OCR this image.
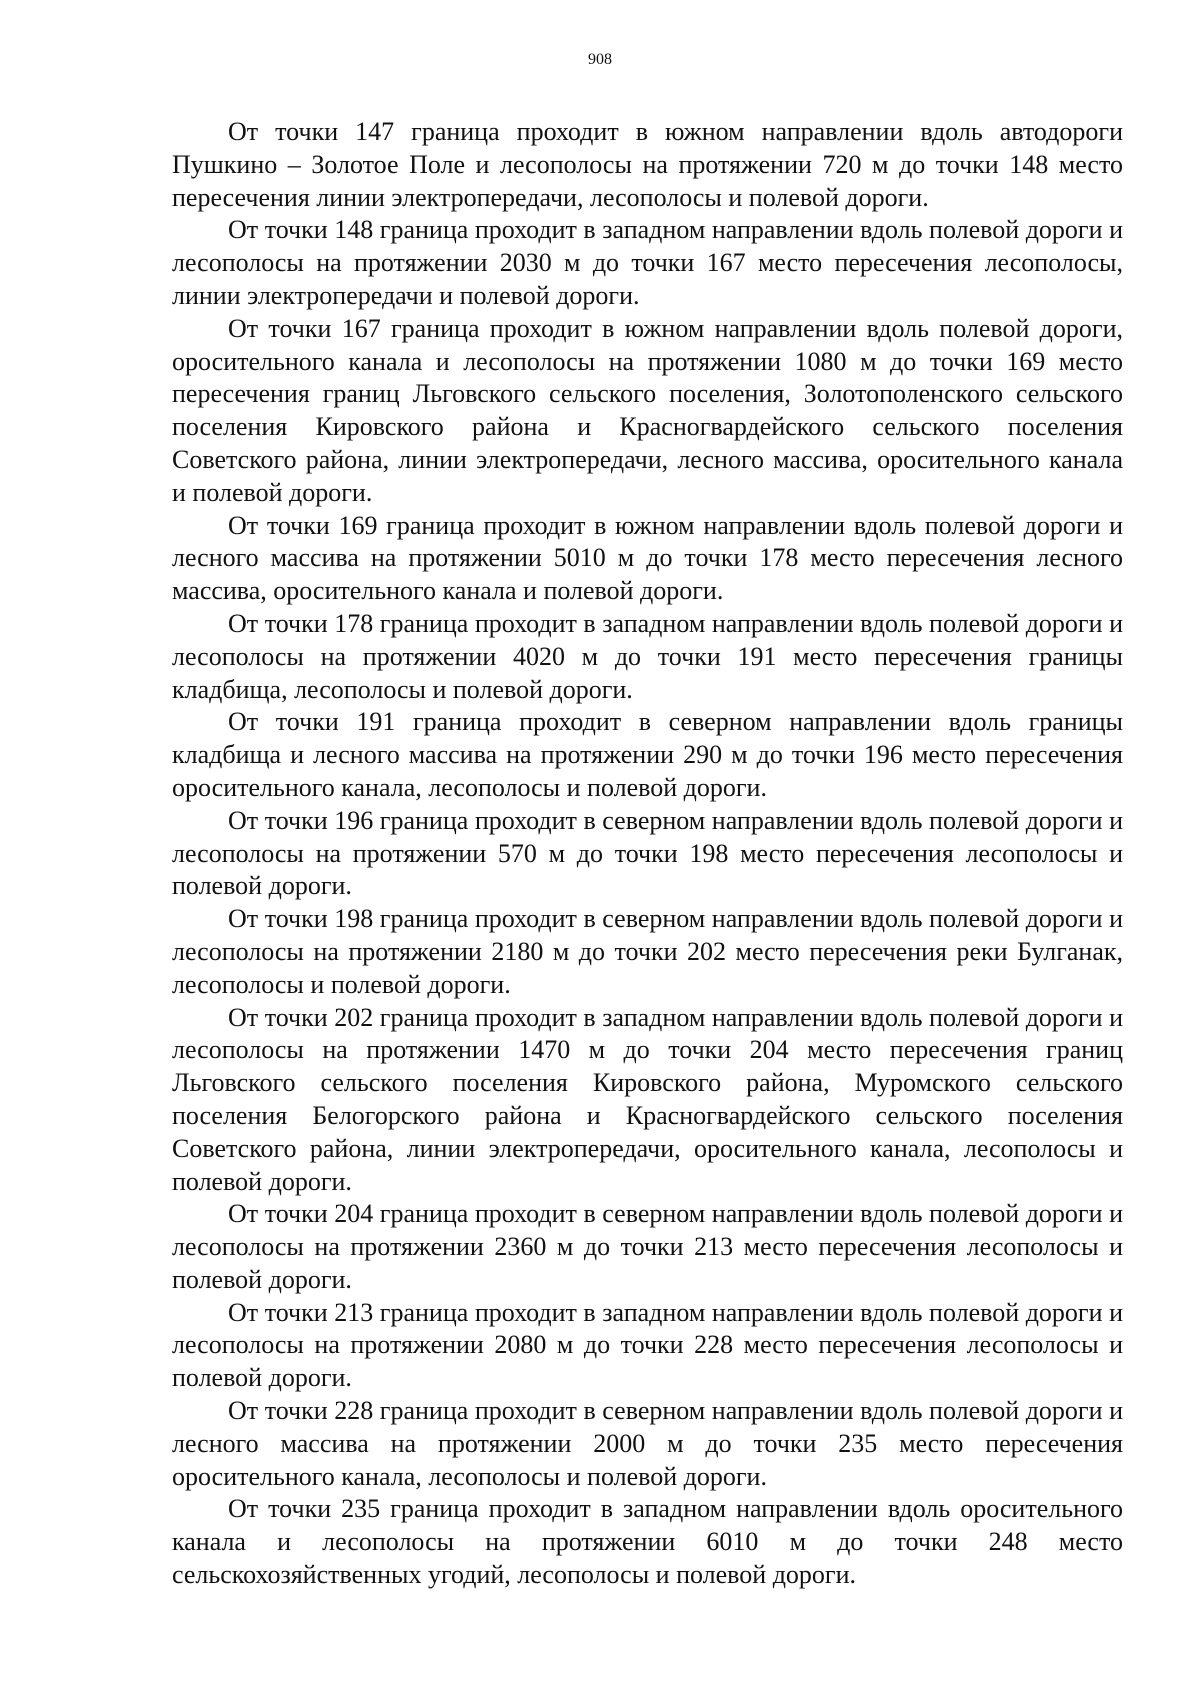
908

От точки 147 граница проходит в южном направлении вдоль автодороги Пушкино – Золотое Поле и лесополосы на протяжении 720 м до точки 148 место пересечения линии электропередачи, лесополосы и полевой дороги.

От точки 148 граница проходит в западном направлении вдоль полевой дороги и лесополосы на протяжении 2030 м до точки 167 место пересечения лесополосы, линии электропередачи и полевой дороги.

От точки 167 граница проходит в южном направлении вдоль полевой дороги, оросительного канала и лесополосы на протяжении 1080 м до точки 169 место пересечения границ Льговского сельского поселения, Золотополенского сельского поселения Кировского района и Красногвардейского сельского поселения Советского района, линии электропередачи, лесного массива, оросительного канала и полевой дороги.

От точки 169 граница проходит в южном направлении вдоль полевой дороги и лесного массива на протяжении 5010 м до точки 178 место пересечения лесного массива, оросительного канала и полевой дороги.

От точки 178 граница проходит в западном направлении вдоль полевой дороги и лесополосы на протяжении 4020 м до точки 191 место пересечения границы кладбища, лесополосы и полевой дороги.

От точки 191 граница проходит в северном направлении вдоль границы кладбища и лесного массива на протяжении 290 м до точки 196 место пересечения оросительного канала, лесополосы и полевой дороги.

От точки 196 граница проходит в северном направлении вдоль полевой дороги и лесополосы на протяжении 570 м до точки 198 место пересечения лесополосы и полевой дороги.

От точки 198 граница проходит в северном направлении вдоль полевой дороги и лесополосы на протяжении 2180 м до точки 202 место пересечения реки Булганак, лесополосы и полевой дороги.

От точки 202 граница проходит в западном направлении вдоль полевой дороги и лесополосы на протяжении 1470 м до точки 204 место пересечения границ Льговского сельского поселения Кировского района, Муромского сельского поселения Белогорского района и Красногвардейского сельского поселения Советского района, линии электропередачи, оросительного канала, лесополосы и полевой дороги.

От точки 204 граница проходит в северном направлении вдоль полевой дороги и лесополосы на протяжении 2360 м до точки 213 место пересечения лесополосы и полевой дороги.

От точки 213 граница проходит в западном направлении вдоль полевой дороги и лесополосы на протяжении 2080 м до точки 228 место пересечения лесополосы и полевой дороги.

От точки 228 граница проходит в северном направлении вдоль полевой дороги и лесного массива на протяжении 2000 м до точки 235 место пересечения оросительного канала, лесополосы и полевой дороги.

От точки 235 граница проходит в западном направлении вдоль оросительного канала и лесополосы на протяжении 6010 м до точки 248 место сельскохозяйственных угодий, лесополосы и полевой дороги.
